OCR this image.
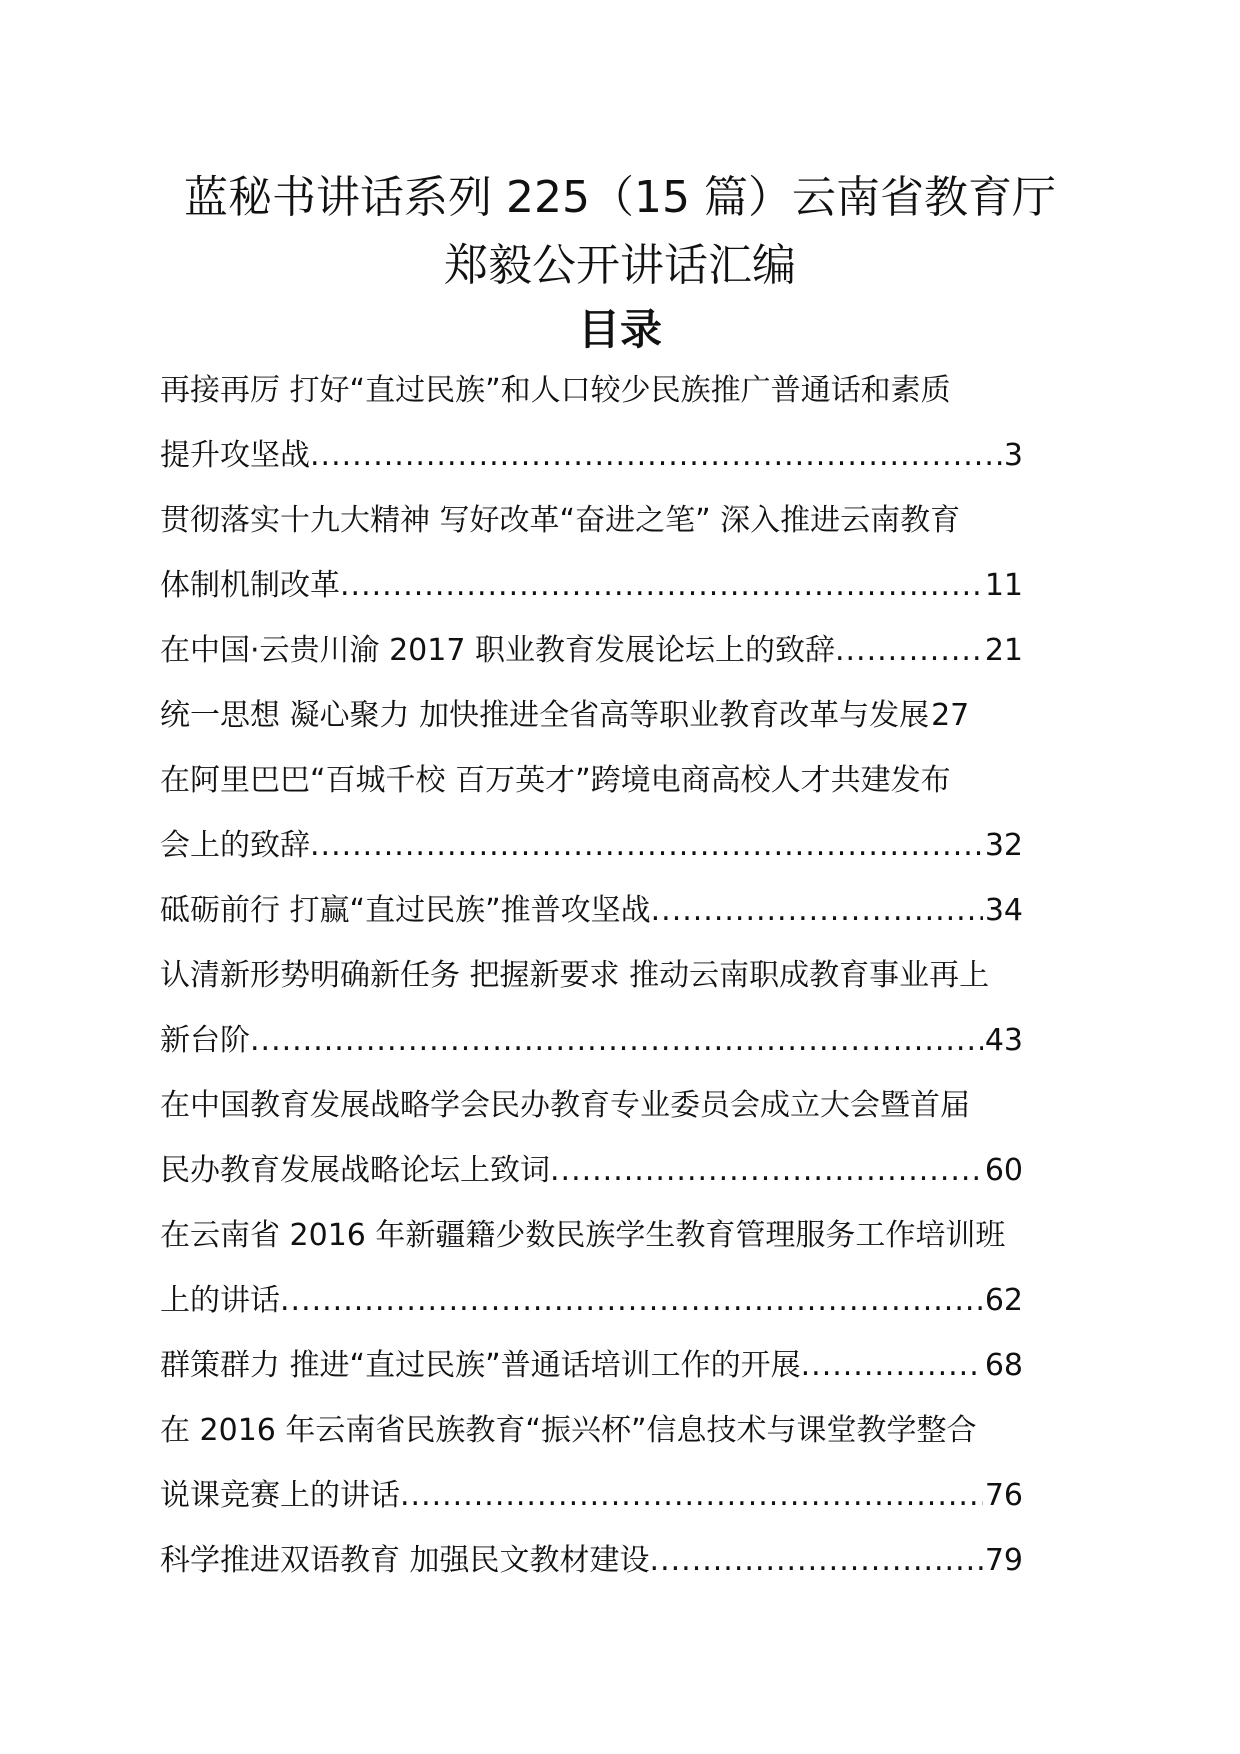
蓝秘书讲话系列 225（15 篇）云南省教育厅
郑毅公开讲话汇编
目录
再接再厉 打好“直过民族”和人口较少民族推广普通话和素质
提升攻坚战 .....	3
贯彻落实十九大精神 写好改革“奋进之笔” 深入推进云南教育
体制机制改革 .....	11
在中国·云贵川渝 2017 职业教育发展论坛上的致辞 .....	21
统一思想 凝心聚力 加快推进全省高等职业教育改革与发展 27
在阿里巴巴“百城千校 百万英才”跨境电商高校人才共建发布
会上的致辞 .....	32
砥砺前行 打赢“直过民族”推普攻坚战 .....	34
认清新形势明确新任务 把握新要求 推动云南职成教育事业再上
新台阶 .....	43
在中国教育发展战略学会民办教育专业委员会成立大会暨首届
民办教育发展战略论坛上致词 .....	60
在云南省 2016 年新疆籍少数民族学生教育管理服务工作培训班
上的讲话 .....	62
群策群力 推进“直过民族”普通话培训工作的开展 .....	68
在 2016 年云南省民族教育“振兴杯”信息技术与课堂教学整合
说课竞赛上的讲话 .....	76
科学推进双语教育 加强民文教材建设 .....	79
